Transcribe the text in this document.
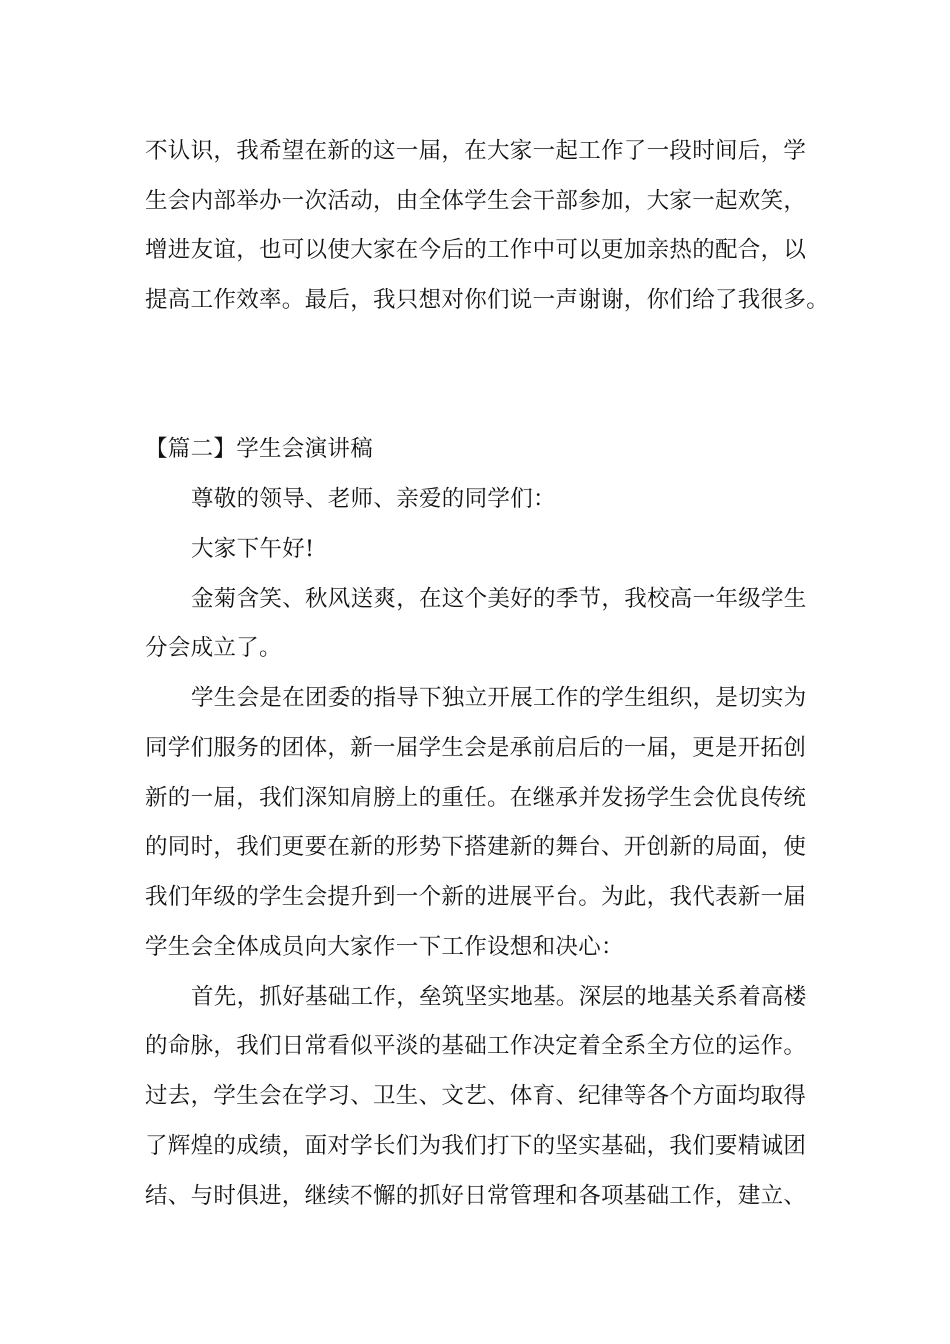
不认识，我希望在新的这一届，在大家一起工作了一段时间后，学

生会内部举办一次活动，由全体学生会干部参加，大家一起欢笑，

增进友谊，也可以使大家在今后的工作中可以更加亲热的配合，以

提高工作效率。最后，我只想对你们说一声谢谢，你们给了我很多。

【篇二】学生会演讲稿

尊敬的领导、老师、亲爱的同学们：

大家下午好!

金菊含笑、秋风送爽，在这个美好的季节，我校高一年级学生

分会成立了。

学生会是在团委的指导下独立开展工作的学生组织，是切实为

同学们服务的团体，新一届学生会是承前启后的一届，更是开拓创

新的一届，我们深知肩膀上的重任。在继承并发扬学生会优良传统

的同时，我们更要在新的形势下搭建新的舞台、开创新的局面，使

我们年级的学生会提升到一个新的进展平台。为此，我代表新一届

学生会全体成员向大家作一下工作设想和决心：

首先，抓好基础工作，垒筑坚实地基。深层的地基关系着高楼

的命脉，我们日常看似平淡的基础工作决定着全系全方位的运作。

过去，学生会在学习、卫生、文艺、体育、纪律等各个方面均取得

了辉煌的成绩，面对学长们为我们打下的坚实基础，我们要精诚团

结、与时俱进，继续不懈的抓好日常管理和各项基础工作，建立、
